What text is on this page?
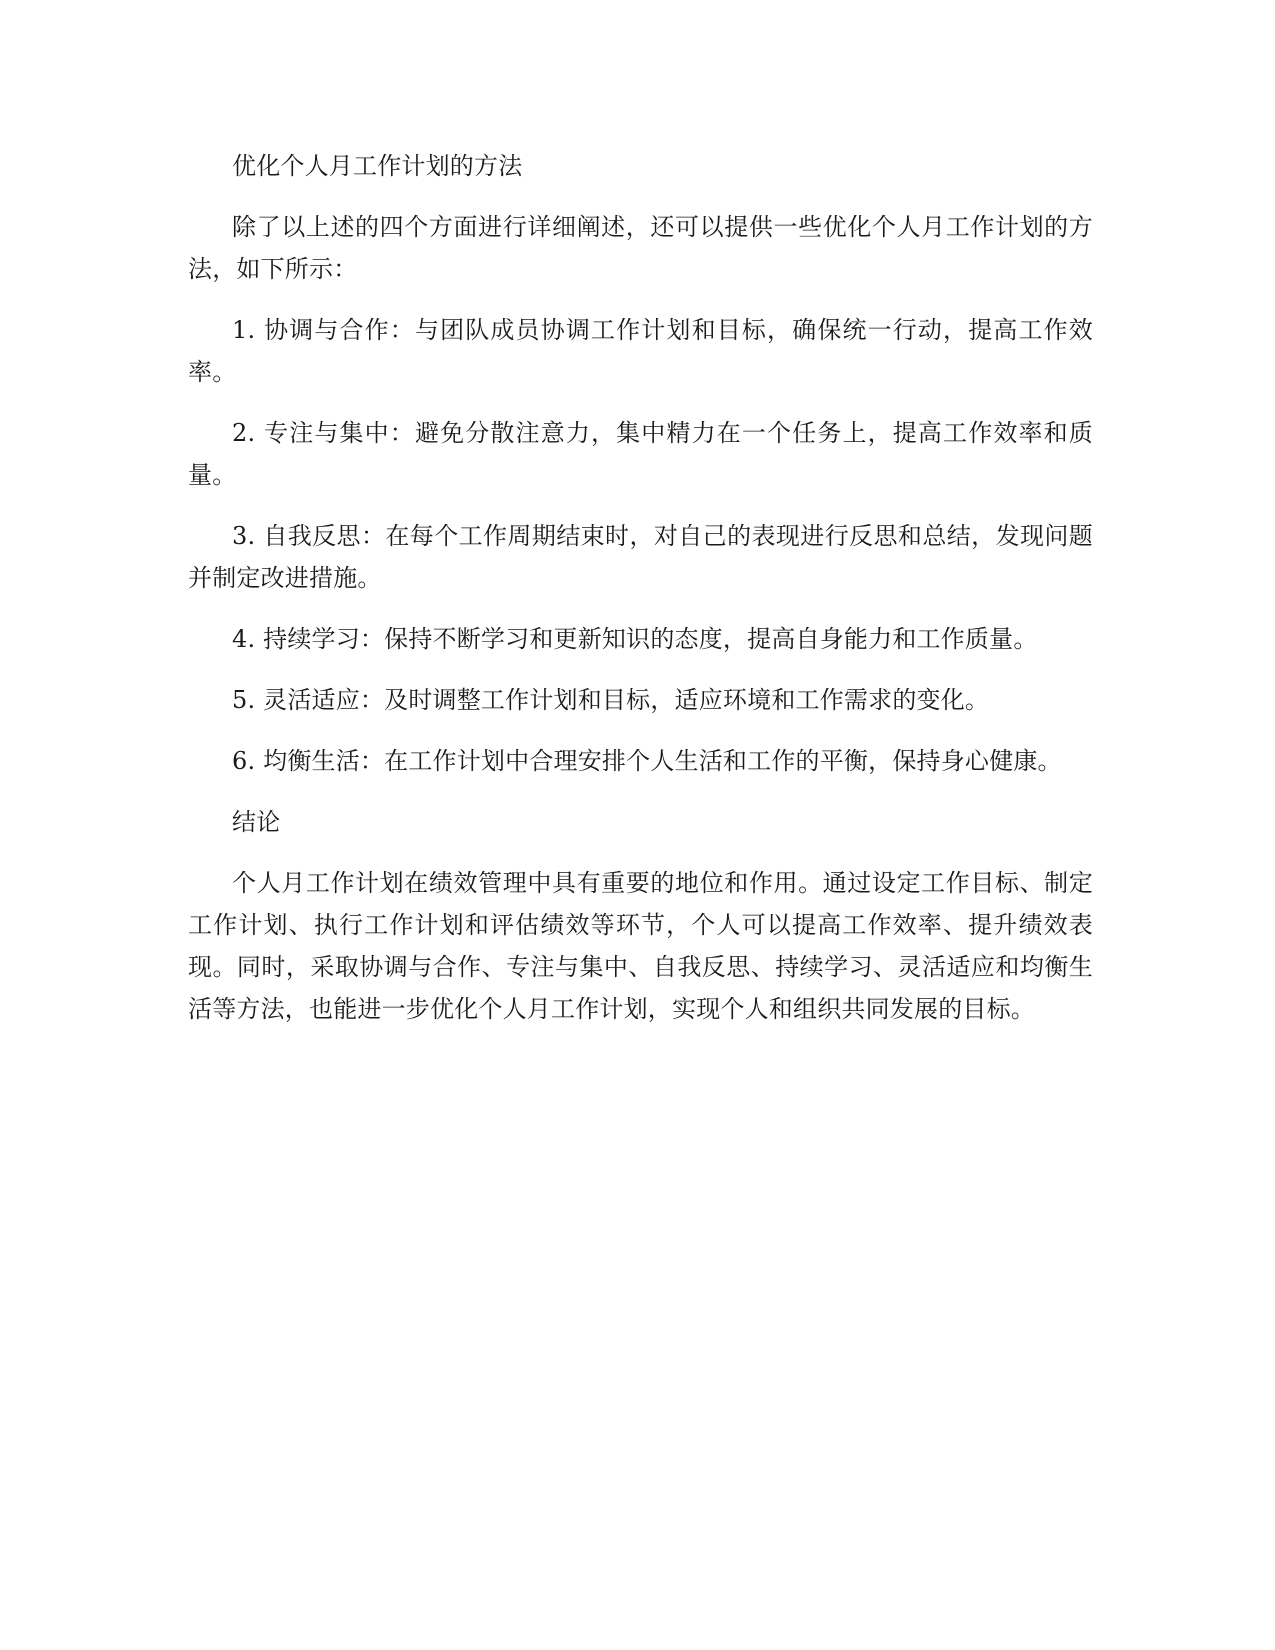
优化个人月工作计划的方法

除了以上述的四个方面进行详细阐述，还可以提供一些优化个人月工作计划的方法，如下所示：

1. 协调与合作：与团队成员协调工作计划和目标，确保统一行动，提高工作效率。

2. 专注与集中：避免分散注意力，集中精力在一个任务上，提高工作效率和质量。

3. 自我反思：在每个工作周期结束时，对自己的表现进行反思和总结，发现问题并制定改进措施。

4. 持续学习：保持不断学习和更新知识的态度，提高自身能力和工作质量。

5. 灵活适应：及时调整工作计划和目标，适应环境和工作需求的变化。

6. 均衡生活：在工作计划中合理安排个人生活和工作的平衡，保持身心健康。

结论

个人月工作计划在绩效管理中具有重要的地位和作用。通过设定工作目标、制定工作计划、执行工作计划和评估绩效等环节，个人可以提高工作效率、提升绩效表现。同时，采取协调与合作、专注与集中、自我反思、持续学习、灵活适应和均衡生活等方法，也能进一步优化个人月工作计划，实现个人和组织共同发展的目标。
